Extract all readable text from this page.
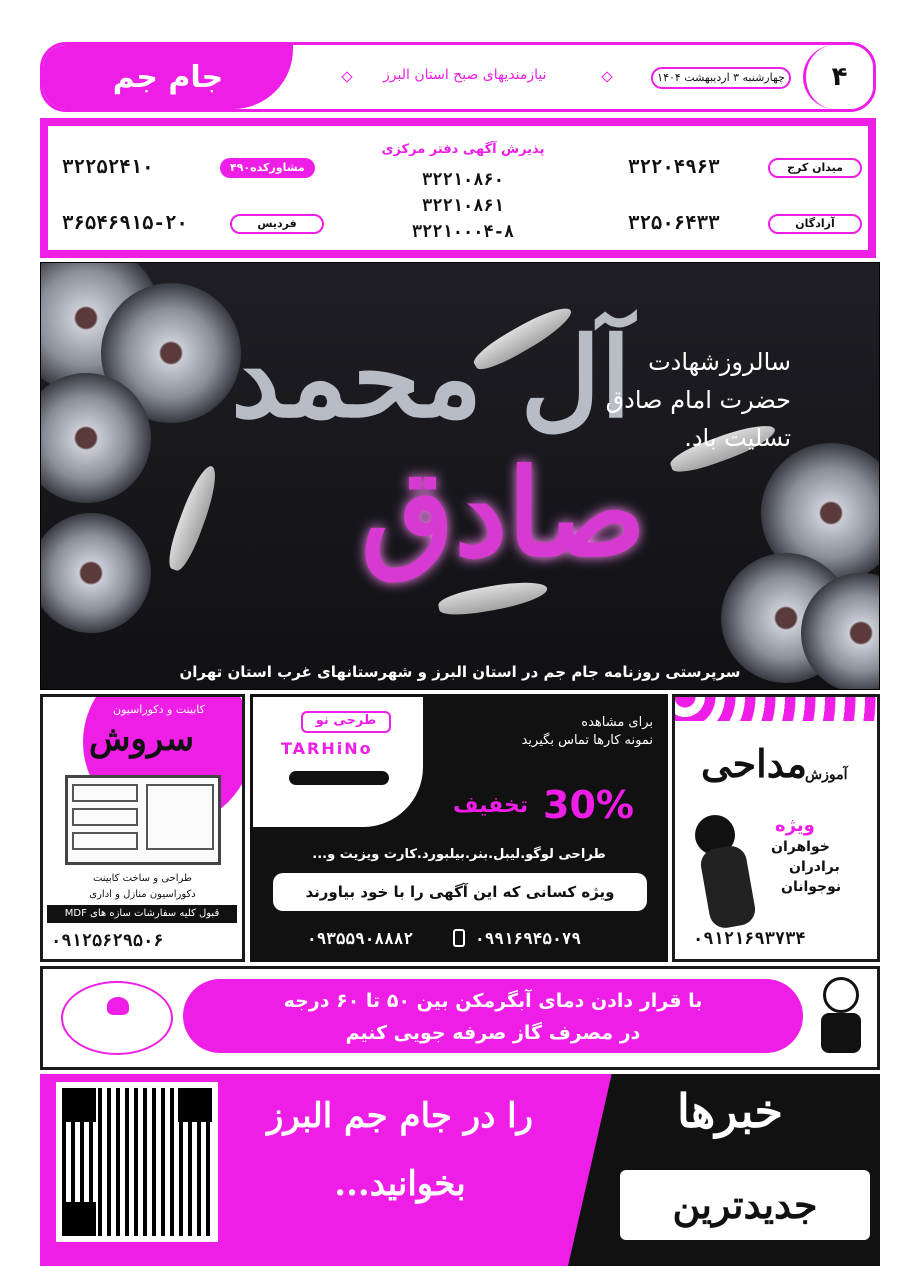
جام جم	نیازمندیهای صبح استان البرز	چهارشنبه ۳ اردیبهشت ۱۴۰۴	۴
۳۲۲۵۲۴۱۰	مشاورکده۴۹۰
۳۶۵۴۶۹۱۵-۲۰	فردیس
پذیرش آگهی دفتر مرکزی
۳۲۲۱۰۸۶۰
۳۲۲۱۰۸۶۱
۳۲۲۱۰۰۰۴-۸
۳۲۲۰۴۹۶۳	میدان کرج
۳۲۵۰۶۴۳۳	آزادگان
آل محمد
صادق
سالروزشهادت
حضرت امام صادق
تسلیت باد.
سرپرستی روزنامه جام جم در استان البرز و شهرستانهای غرب استان تهران
کابینت و دکوراسیون
سروش
طراحی و ساخت کابینت
دکوراسیون منازل و اداری
قبول کلیه سفارشات سازه های MDF
۰۹۱۲۵۶۲۹۵۰۶
طرحی نو
TARHiNo
برای مشاهده
نمونه کارها تماس بگیرید
30%
تخفیف
طراحی لوگو.لیبل.بنر.بیلبورد.کارت ویزیت و...
ویژه کسانی که این آگهی را با خود بیاورند
۰۹۳۵۵۹۰۸۸۸۲	۰۹۹۱۶۹۴۵۰۷۹
آموزش
مداحی
ویژه
خواهران
برادران
نوجوانان
۰۹۱۲۱۶۹۳۷۳۴
با قرار دادن دمای آبگرمکن بین ۵۰ تا ۶۰ درجه
در مصرف گاز صرفه جویی کنیم
را در جام جم البرز
بخوانید...
خبرها
جدیدترین
